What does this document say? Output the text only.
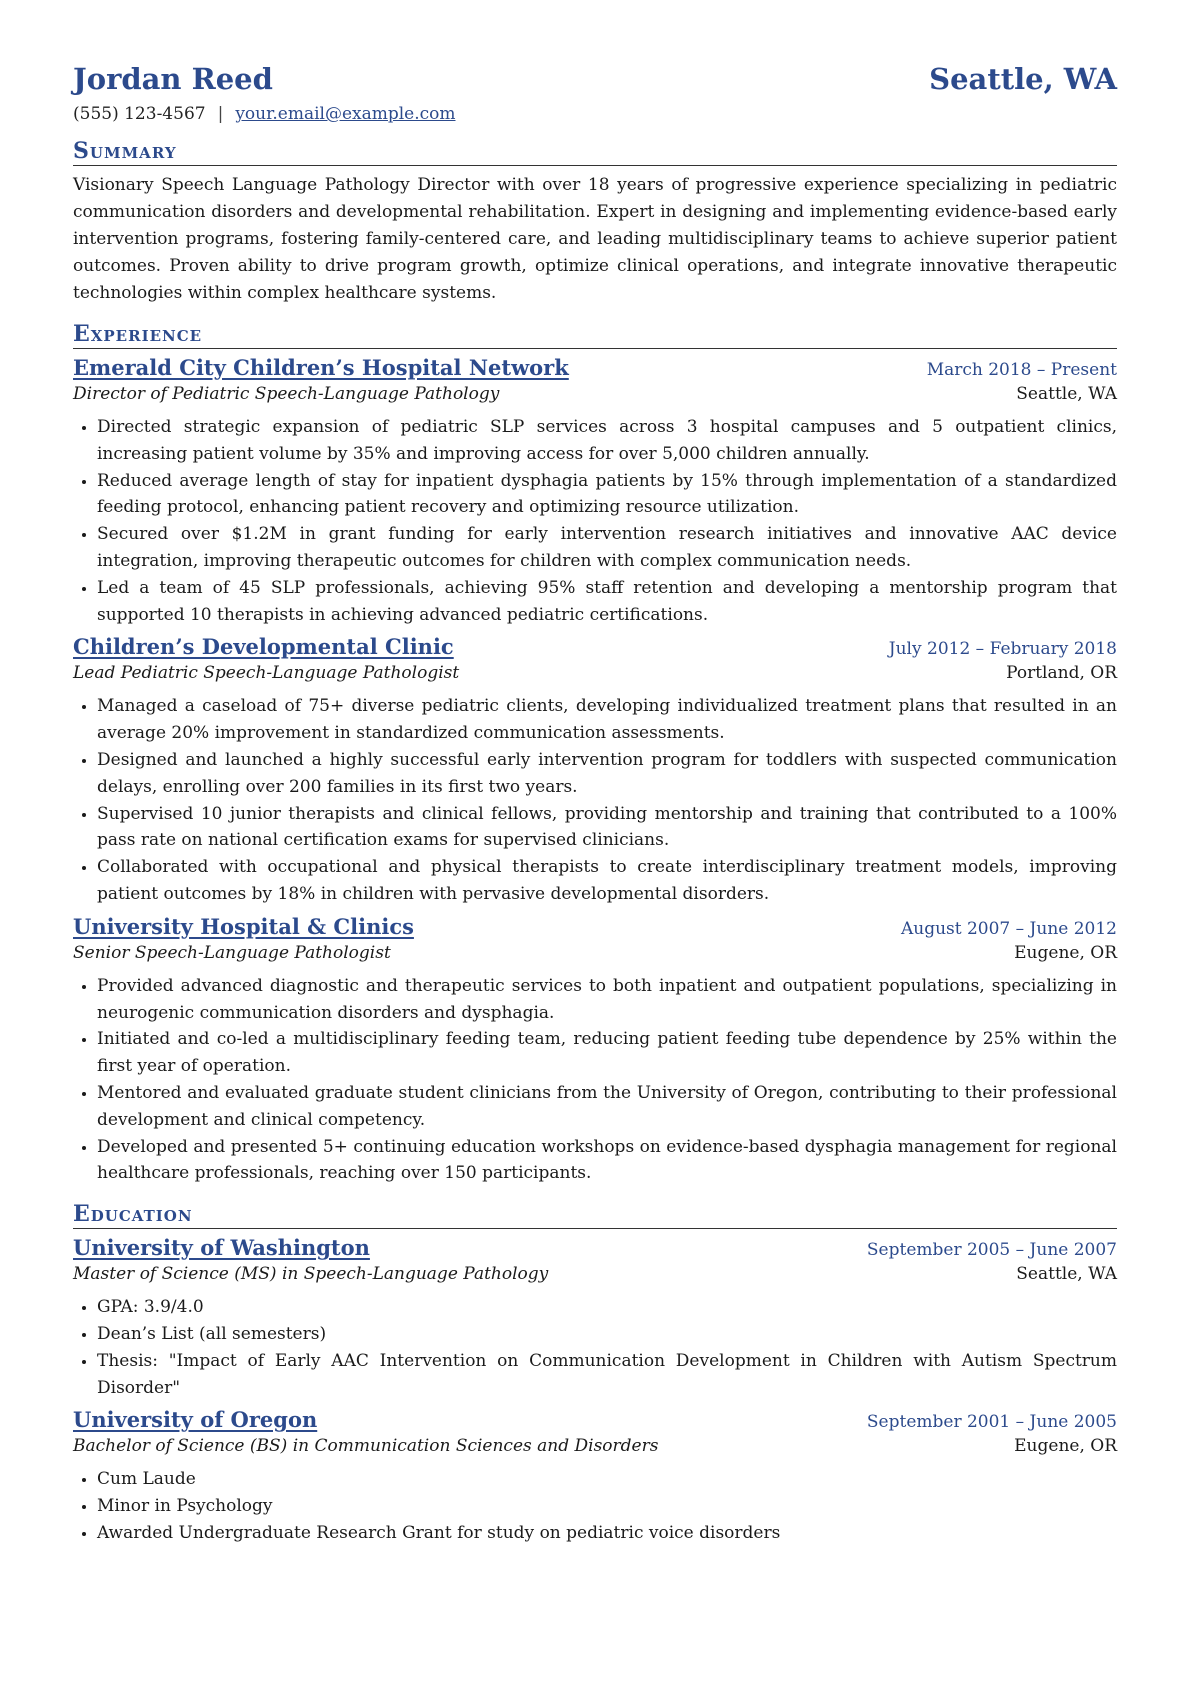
Jordan Reed	Seattle, WA
(555) 123-4567 | your.email@example.com
Summary
Visionary Speech Language Pathology Director with over 18 years of progressive experience specializing in pediatric communication disorders and developmental rehabilitation. Expert in designing and implementing evidence-based early intervention programs, fostering family-centered care, and leading multidisciplinary teams to achieve superior patient outcomes. Proven ability to drive program growth, optimize clinical operations, and integrate innovative therapeutic technologies within complex healthcare systems.
Experience
Emerald City Children’s Hospital Network	March 2018 – Present
Director of Pediatric Speech-Language Pathology	Seattle, WA
• Directed strategic expansion of pediatric SLP services across 3 hospital campuses and 5 outpatient clinics, increasing patient volume by 35% and improving access for over 5,000 children annually.
• Reduced average length of stay for inpatient dysphagia patients by 15% through implementation of a standardized feeding protocol, enhancing patient recovery and optimizing resource utilization.
• Secured over $1.2M in grant funding for early intervention research initiatives and innovative AAC device integration, improving therapeutic outcomes for children with complex communication needs.
• Led a team of 45 SLP professionals, achieving 95% staff retention and developing a mentorship program that supported 10 therapists in achieving advanced pediatric certifications.
Children’s Developmental Clinic	July 2012 – February 2018
Lead Pediatric Speech-Language Pathologist	Portland, OR
• Managed a caseload of 75+ diverse pediatric clients, developing individualized treatment plans that resulted in an average 20% improvement in standardized communication assessments.
• Designed and launched a highly successful early intervention program for toddlers with suspected communication delays, enrolling over 200 families in its first two years.
• Supervised 10 junior therapists and clinical fellows, providing mentorship and training that contributed to a 100% pass rate on national certification exams for supervised clinicians.
• Collaborated with occupational and physical therapists to create interdisciplinary treatment models, improving patient outcomes by 18% in children with pervasive developmental disorders.
University Hospital & Clinics	August 2007 – June 2012
Senior Speech-Language Pathologist	Eugene, OR
• Provided advanced diagnostic and therapeutic services to both inpatient and outpatient populations, specializing in neurogenic communication disorders and dysphagia.
• Initiated and co-led a multidisciplinary feeding team, reducing patient feeding tube dependence by 25% within the first year of operation.
• Mentored and evaluated graduate student clinicians from the University of Oregon, contributing to their professional development and clinical competency.
• Developed and presented 5+ continuing education workshops on evidence-based dysphagia management for regional healthcare professionals, reaching over 150 participants.
Education
University of Washington	September 2005 – June 2007
Master of Science (MS) in Speech-Language Pathology	Seattle, WA
• GPA: 3.9/4.0
• Dean’s List (all semesters)
• Thesis: "Impact of Early AAC Intervention on Communication Development in Children with Autism Spectrum Disorder"
University of Oregon	September 2001 – June 2005
Bachelor of Science (BS) in Communication Sciences and Disorders	Eugene, OR
• Cum Laude
• Minor in Psychology
• Awarded Undergraduate Research Grant for study on pediatric voice disorders
